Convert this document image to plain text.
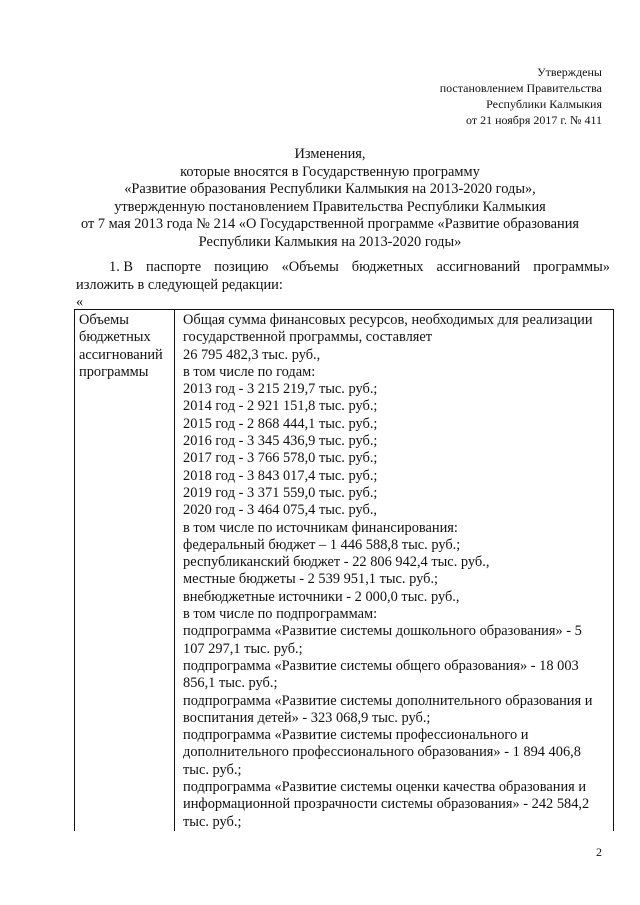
Утверждены
постановлением Правительства
Республики Калмыкия
от 21 ноября 2017 г. № 411
Изменения,
которые вносятся в Государственную программу
«Развитие образования Республики Калмыкия на 2013-2020 годы»,
утвержденную постановлением Правительства Республики Калмыкия
от 7 мая 2013 года № 214 «О Государственной программе «Развитие образования
Республики Калмыкия на 2013-2020 годы»
1. В паспорте позицию «Объемы бюджетных ассигнований программы»
изложить в следующей редакции:
«
Объемы
бюджетных
ассигнований
программы
Общая сумма финансовых ресурсов, необходимых для реализации
государственной программы, составляет
26 795 482,3 тыс. руб.,
в том числе по годам:
2013 год - 3 215 219,7 тыс. руб.;
2014 год - 2 921 151,8 тыс. руб.;
2015 год - 2 868 444,1 тыс. руб.;
2016 год - 3 345 436,9 тыс. руб.;
2017 год - 3 766 578,0 тыс. руб.;
2018 год - 3 843 017,4 тыс. руб.;
2019 год - 3 371 559,0 тыс. руб.;
2020 год - 3 464 075,4 тыс. руб.,
в том числе по источникам финансирования:
федеральный бюджет – 1 446 588,8 тыс. руб.;
республиканский бюджет - 22 806 942,4 тыс. руб.,
местные бюджеты - 2 539 951,1 тыс. руб.;
внебюджетные источники - 2 000,0 тыс. руб.,
в том числе по подпрограммам:
подпрограмма «Развитие системы дошкольного образования» - 5
107 297,1 тыс. руб.;
подпрограмма «Развитие системы общего образования» - 18 003
856,1 тыс. руб.;
подпрограмма «Развитие системы дополнительного образования и
воспитания детей» - 323 068,9 тыс. руб.;
подпрограмма «Развитие системы профессионального и
дополнительного профессионального образования» - 1 894 406,8
тыс. руб.;
подпрограмма «Развитие системы оценки качества образования и
информационной прозрачности системы образования» - 242 584,2
тыс. руб.;
2
